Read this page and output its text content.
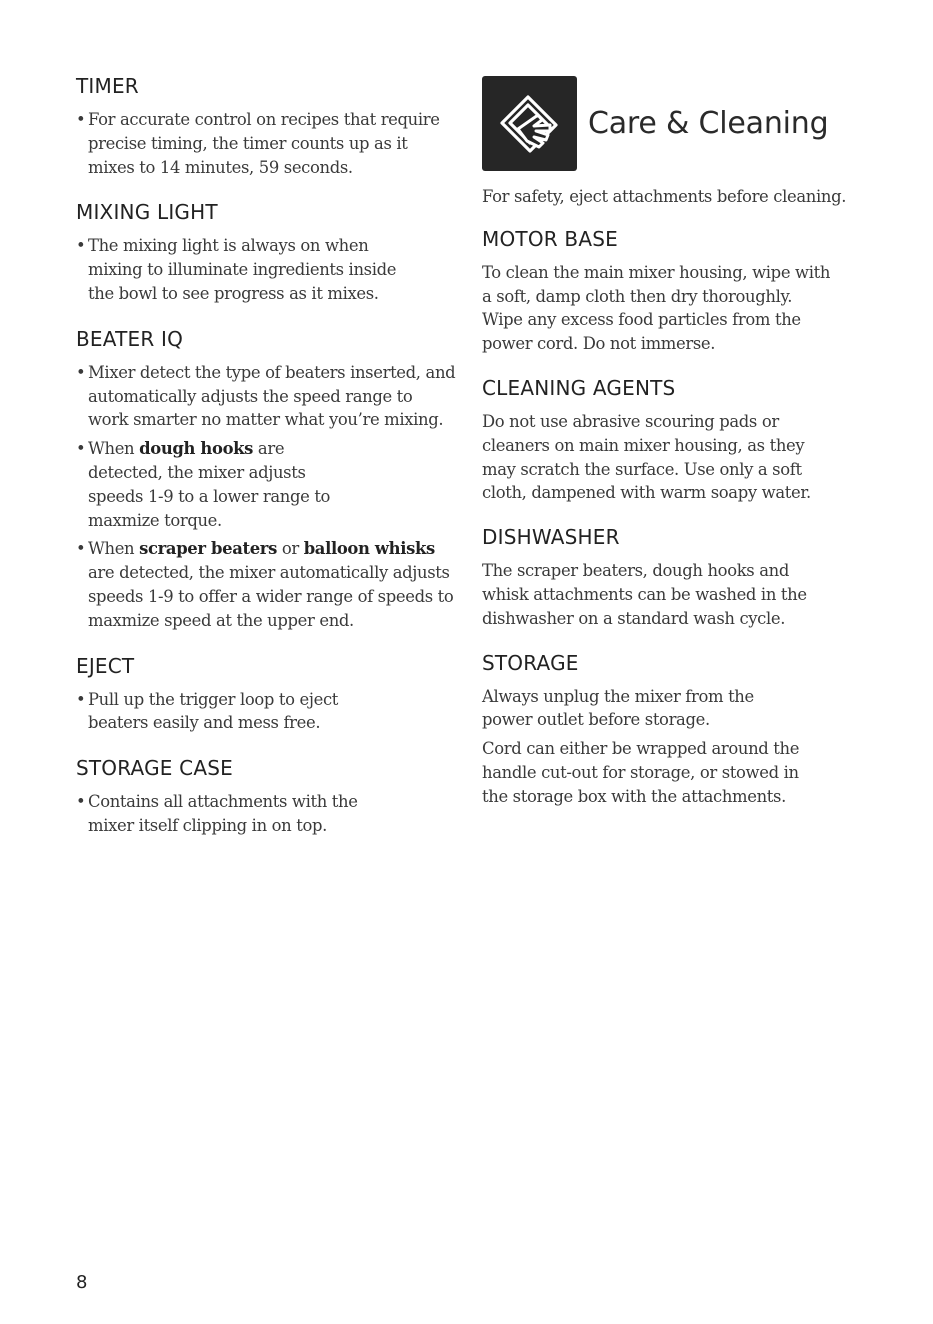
TIMER
• For accurate control on recipes that require precise timing, the timer counts up as it mixes to 14 minutes, 59 seconds.
MIXING LIGHT
• The mixing light is always on when mixing to illuminate ingredients inside the bowl to see progress as it mixes.
BEATER IQ
• Mixer detect the type of beaters inserted, and automatically adjusts the speed range to work smarter no matter what you’re mixing.
• When dough hooks are detected, the mixer adjusts speeds 1-9 to a lower range to maxmize torque.
• When scraper beaters or balloon whisks are detected, the mixer automatically adjusts speeds 1-9 to offer a wider range of speeds to maxmize speed at the upper end.
EJECT
• Pull up the trigger loop to eject beaters easily and mess free.
STORAGE CASE
• Contains all attachments with the mixer itself clipping in on top.
Care & Cleaning
For safety, eject attachments before cleaning.
MOTOR BASE

To clean the main mixer housing, wipe with a soft, damp cloth then dry thoroughly. Wipe any excess food particles from the power cord. Do not immerse.

CLEANING AGENTS

Do not use abrasive scouring pads or cleaners on main mixer housing, as they may scratch the surface. Use only a soft cloth, dampened with warm soapy water.

DISHWASHER

The scraper beaters, dough hooks and whisk attachments can be washed in the dishwasher on a standard wash cycle.

STORAGE

Always unplug the mixer from the power outlet before storage.

Cord can either be wrapped around the handle cut-out for storage, or stowed in the storage box with the attachments.

8
